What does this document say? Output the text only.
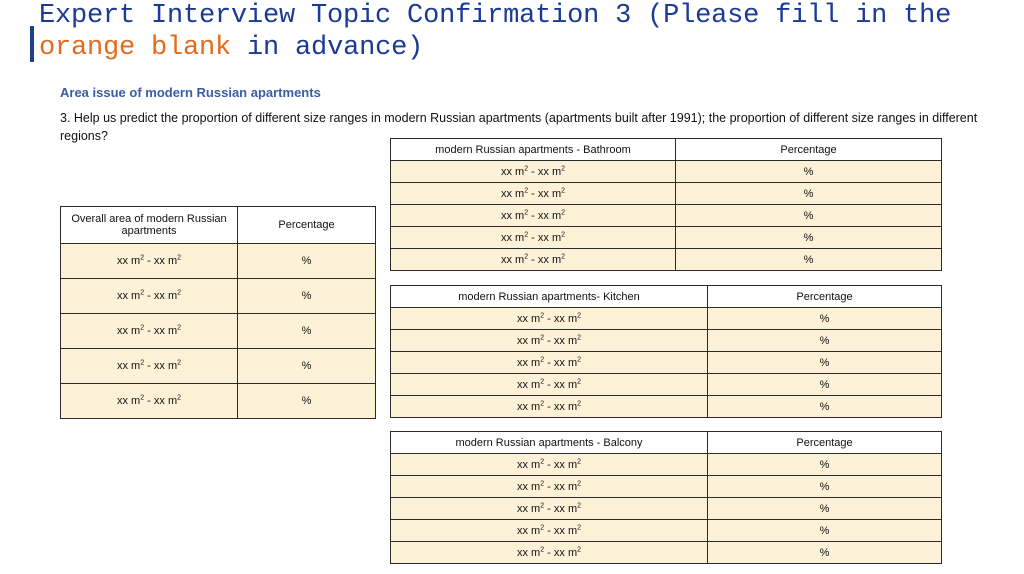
Expert Interview Topic Confirmation 3 (Please fill in the
orange blank in advance)
Area issue of modern Russian apartments
3. Help us predict the proportion of different size ranges in modern Russian apartments (apartments built after 1991); the proportion of different size ranges in different regions?
Overall area of modern Russian apartments	Percentage
xx $m^2$ - xx $m^2$	%
xx $m^2$ - xx $m^2$	%
xx $m^2$ - xx $m^2$	%
xx $m^2$ - xx $m^2$	%
xx $m^2$ - xx $m^2$	%
modern Russian apartments - Bathroom	Percentage
xx $m^2$ - xx $m^2$	%
xx $m^2$ - xx $m^2$	%
xx $m^2$ - xx $m^2$	%
xx $m^2$ - xx $m^2$	%
xx $m^2$ - xx $m^2$	%
modern Russian apartments- Kitchen	Percentage
xx $m^2$ - xx $m^2$	%
xx $m^2$ - xx $m^2$	%
xx $m^2$ - xx $m^2$	%
xx $m^2$ - xx $m^2$	%
xx $m^2$ - xx $m^2$	%
modern Russian apartments - Balcony	Percentage
xx $m^2$ - xx $m^2$	%
xx $m^2$ - xx $m^2$	%
xx $m^2$ - xx $m^2$	%
xx $m^2$ - xx $m^2$	%
xx $m^2$ - xx $m^2$	%
